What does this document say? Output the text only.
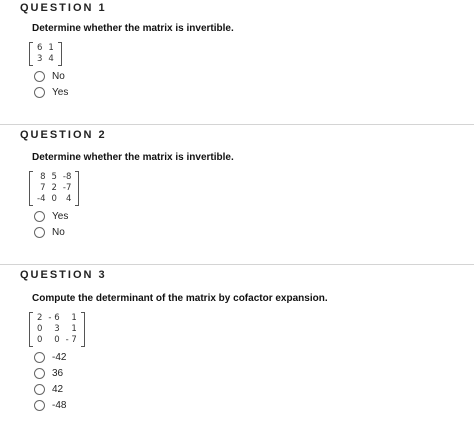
QUESTION 1
Determine whether the matrix is invertible.
6	1
3	4
No
Yes
QUESTION 2
Determine whether the matrix is invertible.
8	5	-8
7	2	-7
-4	0	4
Yes
No
QUESTION 3
Compute the determinant of the matrix by cofactor expansion.
2	- 6	1
0	3	1
0	0	- 7
-42
36
42
-48
